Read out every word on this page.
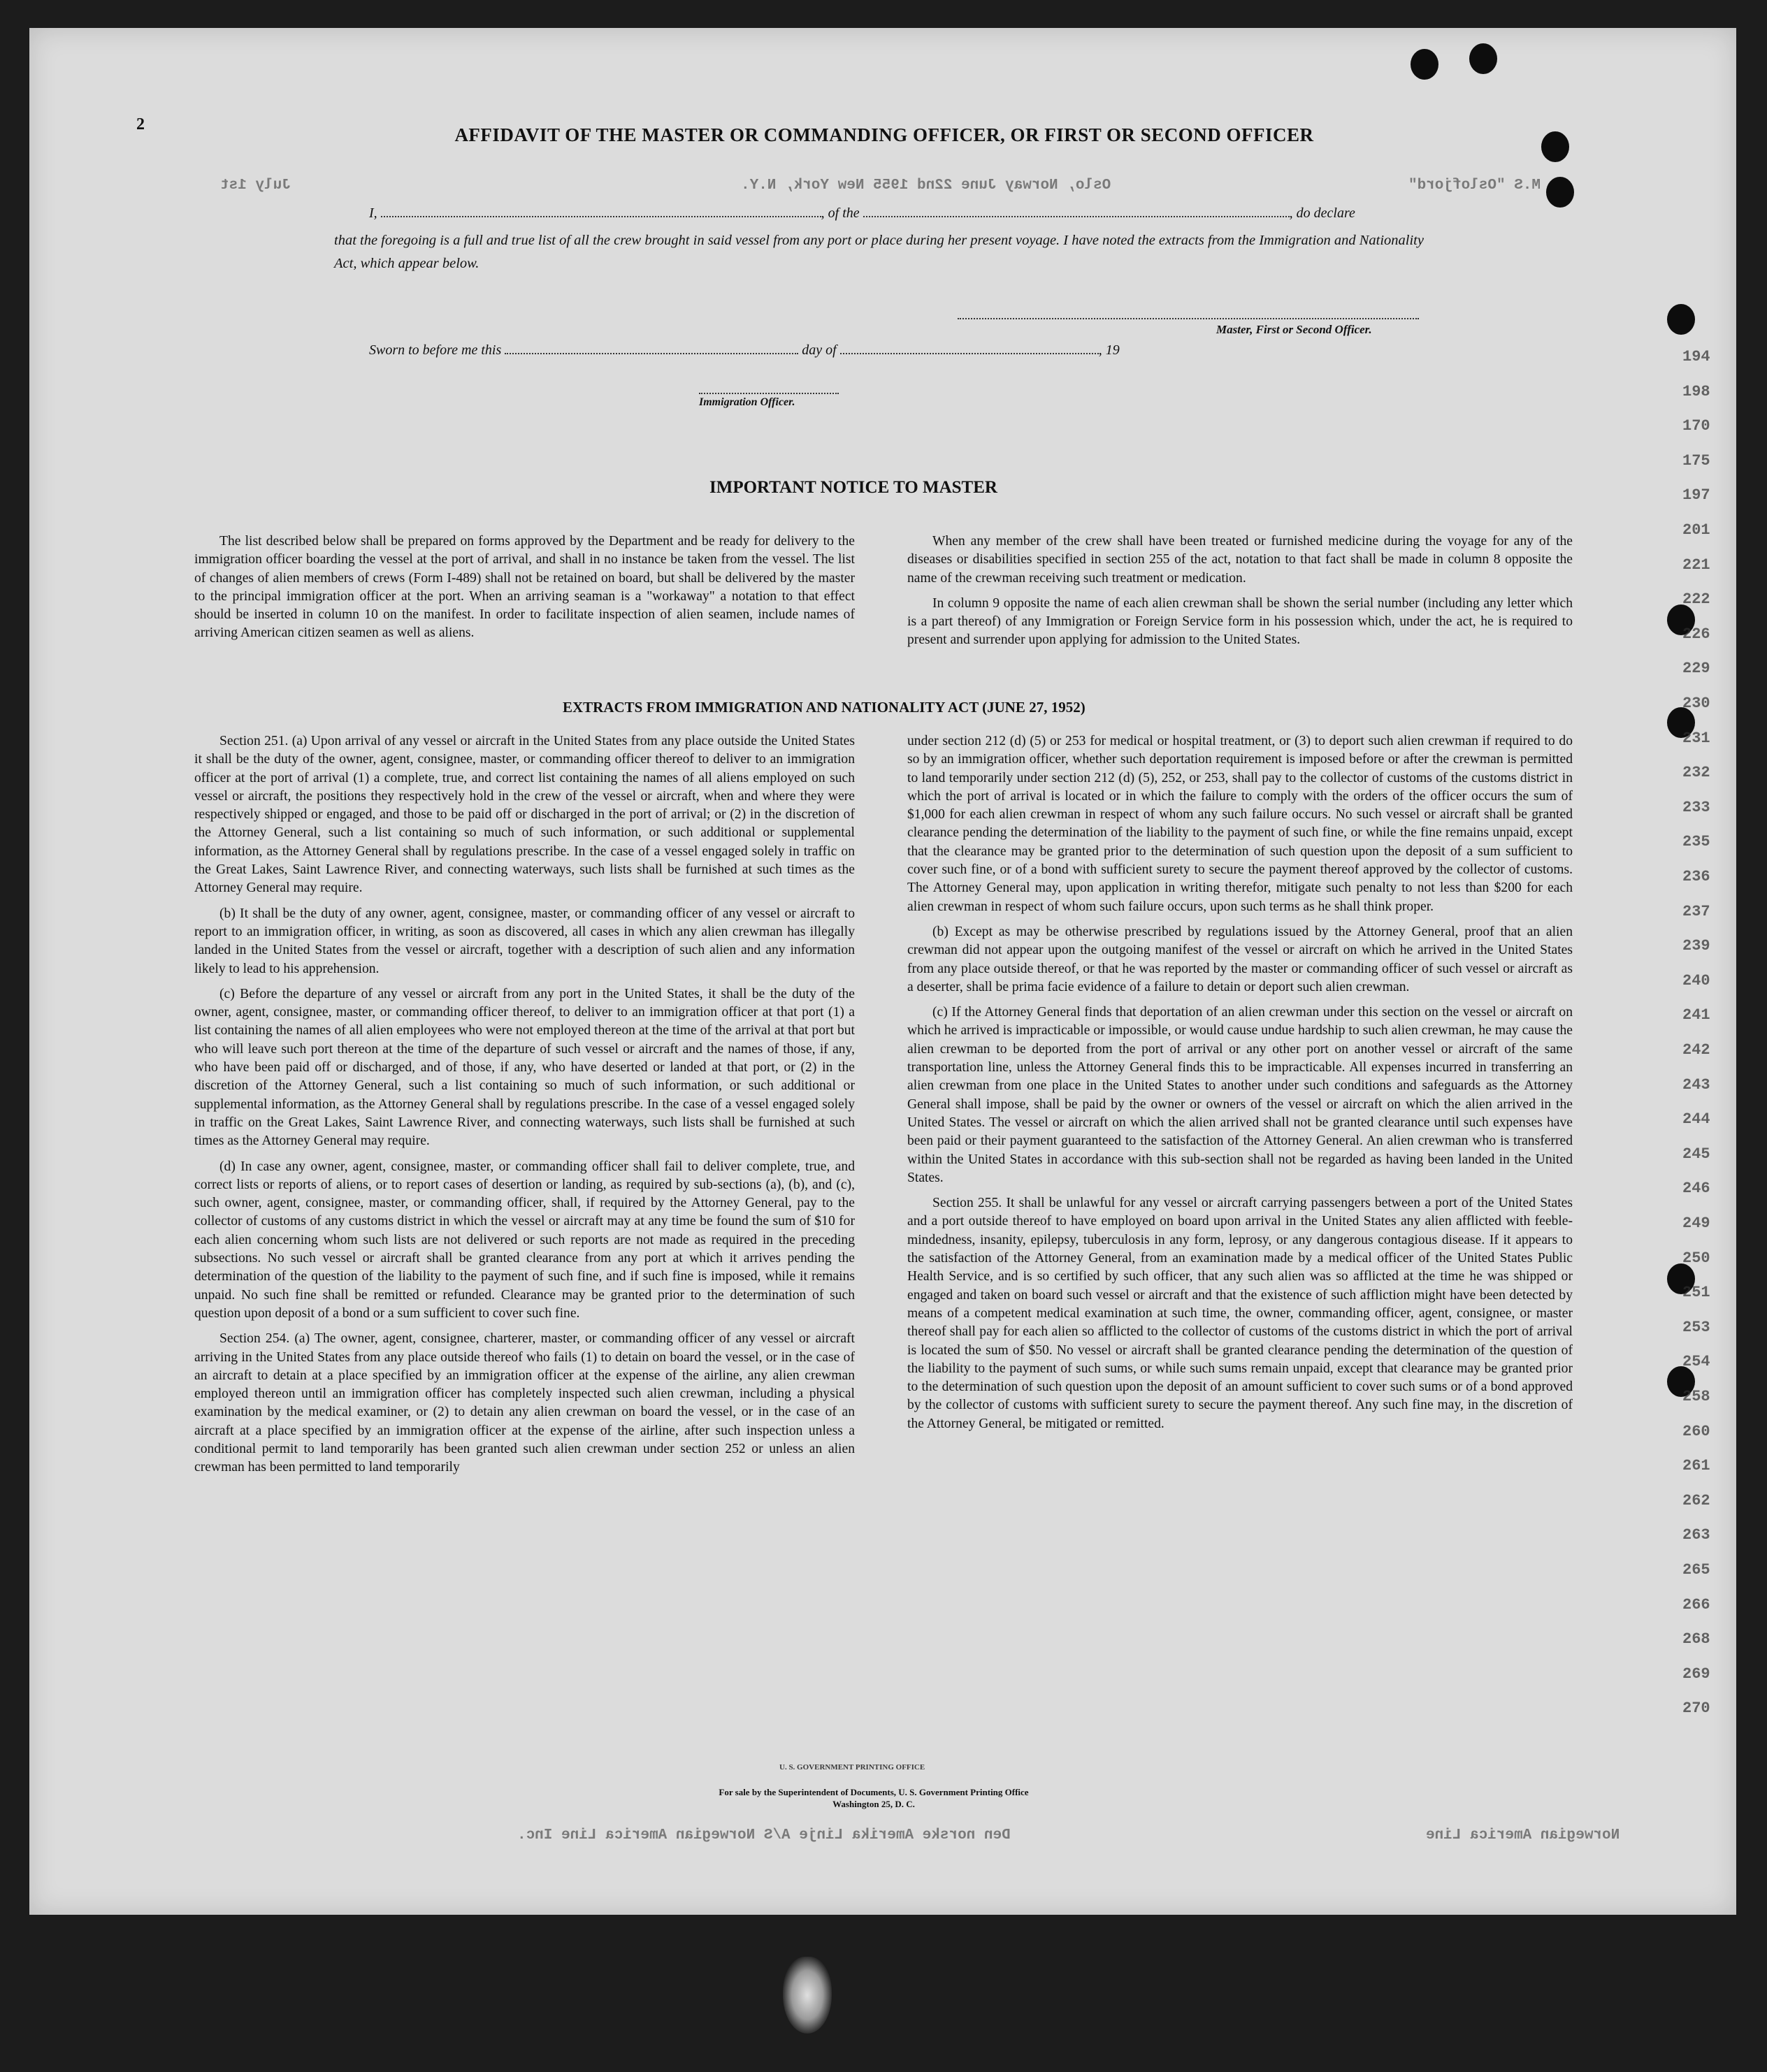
July 1st	Oslo, Norway June 22nd 1955 New York, N.Y.	M.S "Oslofjord"
Den norske Amerika Linje A/S Norwegian America Line Inc.	Norwegian America Line
194
198
170
175
197
201
221
222
226
229
230
231
232
233
235
236
237
239
240
241
242
243
244
245
246
249
250
251
253
254
258
260
261
262
263
265
266
268
269
270
2	AFFIDAVIT OF THE MASTER OR COMMANDING OFFICER, OR FIRST OR SECOND OFFICER
I,	, of the	, do declare
that the foregoing is a full and true list of all the crew brought in said vessel from any port or place during her present voyage. I have noted the extracts from the Immigration and Nationality Act, which appear below.
Master, First or Second Officer.
Sworn to before me this	day of	, 19
Immigration Officer.
IMPORTANT NOTICE TO MASTER

The list described below shall be prepared on forms approved by the Department and be ready for delivery to the immigration officer boarding the vessel at the port of arrival, and shall in no instance be taken from the vessel. The list of changes of alien members of crews (Form I-489) shall not be retained on board, but shall be delivered by the master to the principal immigration officer at the port. When an arriving seaman is a "workaway" a notation to that effect should be inserted in column 10 on the manifest. In order to facilitate inspection of alien seamen, include names of arriving American citizen seamen as well as aliens.

When any member of the crew shall have been treated or furnished medicine during the voyage for any of the diseases or disabilities specified in section 255 of the act, notation to that fact shall be made in column 8 opposite the name of the crewman receiving such treatment or medication.

In column 9 opposite the name of each alien crewman shall be shown the serial number (including any letter which is a part thereof) of any Immigration or Foreign Service form in his possession which, under the act, he is required to present and surrender upon applying for admission to the United States.

EXTRACTS FROM IMMIGRATION AND NATIONALITY ACT (JUNE 27, 1952)

Section 251. (a) Upon arrival of any vessel or aircraft in the United States from any place outside the United States it shall be the duty of the owner, agent, consignee, master, or commanding officer thereof to deliver to an immigration officer at the port of arrival (1) a complete, true, and correct list containing the names of all aliens employed on such vessel or aircraft, the positions they respectively hold in the crew of the vessel or aircraft, when and where they were respectively shipped or engaged, and those to be paid off or discharged in the port of arrival; or (2) in the discretion of the Attorney General, such a list containing so much of such information, or such additional or supplemental information, as the Attorney General shall by regulations prescribe. In the case of a vessel engaged solely in traffic on the Great Lakes, Saint Lawrence River, and connecting waterways, such lists shall be furnished at such times as the Attorney General may require.

(b) It shall be the duty of any owner, agent, consignee, master, or commanding officer of any vessel or aircraft to report to an immigration officer, in writing, as soon as discovered, all cases in which any alien crewman has illegally landed in the United States from the vessel or aircraft, together with a description of such alien and any information likely to lead to his apprehension.

(c) Before the departure of any vessel or aircraft from any port in the United States, it shall be the duty of the owner, agent, consignee, master, or commanding officer thereof, to deliver to an immigration officer at that port (1) a list containing the names of all alien employees who were not employed thereon at the time of the arrival at that port but who will leave such port thereon at the time of the departure of such vessel or aircraft and the names of those, if any, who have been paid off or discharged, and of those, if any, who have deserted or landed at that port, or (2) in the discretion of the Attorney General, such a list containing so much of such information, or such additional or supplemental information, as the Attorney General shall by regulations prescribe. In the case of a vessel engaged solely in traffic on the Great Lakes, Saint Lawrence River, and connecting waterways, such lists shall be furnished at such times as the Attorney General may require.

(d) In case any owner, agent, consignee, master, or commanding officer shall fail to deliver complete, true, and correct lists or reports of aliens, or to report cases of desertion or landing, as required by sub-sections (a), (b), and (c), such owner, agent, consignee, master, or commanding officer, shall, if required by the Attorney General, pay to the collector of customs of any customs district in which the vessel or aircraft may at any time be found the sum of $10 for each alien concerning whom such lists are not delivered or such reports are not made as required in the preceding subsections. No such vessel or aircraft shall be granted clearance from any port at which it arrives pending the determination of the question of the liability to the payment of such fine, and if such fine is imposed, while it remains unpaid. No such fine shall be remitted or refunded. Clearance may be granted prior to the determination of such question upon deposit of a bond or a sum sufficient to cover such fine.

Section 254. (a) The owner, agent, consignee, charterer, master, or commanding officer of any vessel or aircraft arriving in the United States from any place outside thereof who fails (1) to detain on board the vessel, or in the case of an aircraft to detain at a place specified by an immigration officer at the expense of the airline, any alien crewman employed thereon until an immigration officer has completely inspected such alien crewman, including a physical examination by the medical examiner, or (2) to detain any alien crewman on board the vessel, or in the case of an aircraft at a place specified by an immigration officer at the expense of the airline, after such inspection unless a conditional permit to land temporarily has been granted such alien crewman under section 252 or unless an alien crewman has been permitted to land temporarily

under section 212 (d) (5) or 253 for medical or hospital treatment, or (3) to deport such alien crewman if required to do so by an immigration officer, whether such deportation requirement is imposed before or after the crewman is permitted to land temporarily under section 212 (d) (5), 252, or 253, shall pay to the collector of customs of the customs district in which the port of arrival is located or in which the failure to comply with the orders of the officer occurs the sum of $1,000 for each alien crewman in respect of whom any such failure occurs. No such vessel or aircraft shall be granted clearance pending the determination of the liability to the payment of such fine, or while the fine remains unpaid, except that the clearance may be granted prior to the determination of such question upon the deposit of a sum sufficient to cover such fine, or of a bond with sufficient surety to secure the payment thereof approved by the collector of customs. The Attorney General may, upon application in writing therefor, mitigate such penalty to not less than $200 for each alien crewman in respect of whom such failure occurs, upon such terms as he shall think proper.

(b) Except as may be otherwise prescribed by regulations issued by the Attorney General, proof that an alien crewman did not appear upon the outgoing manifest of the vessel or aircraft on which he arrived in the United States from any place outside thereof, or that he was reported by the master or commanding officer of such vessel or aircraft as a deserter, shall be prima facie evidence of a failure to detain or deport such alien crewman.

(c) If the Attorney General finds that deportation of an alien crewman under this section on the vessel or aircraft on which he arrived is impracticable or impossible, or would cause undue hardship to such alien crewman, he may cause the alien crewman to be deported from the port of arrival or any other port on another vessel or aircraft of the same transportation line, unless the Attorney General finds this to be impracticable. All expenses incurred in transferring an alien crewman from one place in the United States to another under such conditions and safeguards as the Attorney General shall impose, shall be paid by the owner or owners of the vessel or aircraft on which the alien arrived in the United States. The vessel or aircraft on which the alien arrived shall not be granted clearance until such expenses have been paid or their payment guaranteed to the satisfaction of the Attorney General. An alien crewman who is transferred within the United States in accordance with this sub-section shall not be regarded as having been landed in the United States.

Section 255. It shall be unlawful for any vessel or aircraft carrying passengers between a port of the United States and a port outside thereof to have employed on board upon arrival in the United States any alien afflicted with feeble-mindedness, insanity, epilepsy, tuberculosis in any form, leprosy, or any dangerous contagious disease. If it appears to the satisfaction of the Attorney General, from an examination made by a medical officer of the United States Public Health Service, and is so certified by such officer, that any such alien was so afflicted at the time he was shipped or engaged and taken on board such vessel or aircraft and that the existence of such affliction might have been detected by means of a competent medical examination at such time, the owner, commanding officer, agent, consignee, or master thereof shall pay for each alien so afflicted to the collector of customs of the customs district in which the port of arrival is located the sum of $50. No vessel or aircraft shall be granted clearance pending the determination of the question of the liability to the payment of such sums, or while such sums remain unpaid, except that clearance may be granted prior to the determination of such question upon the deposit of an amount sufficient to cover such sums or of a bond approved by the collector of customs with sufficient surety to secure the payment thereof. Any such fine may, in the discretion of the Attorney General, be mitigated or remitted.

U. S. GOVERNMENT PRINTING OFFICE
For sale by the Superintendent of Documents, U. S. Government Printing Office
Washington 25, D. C.
